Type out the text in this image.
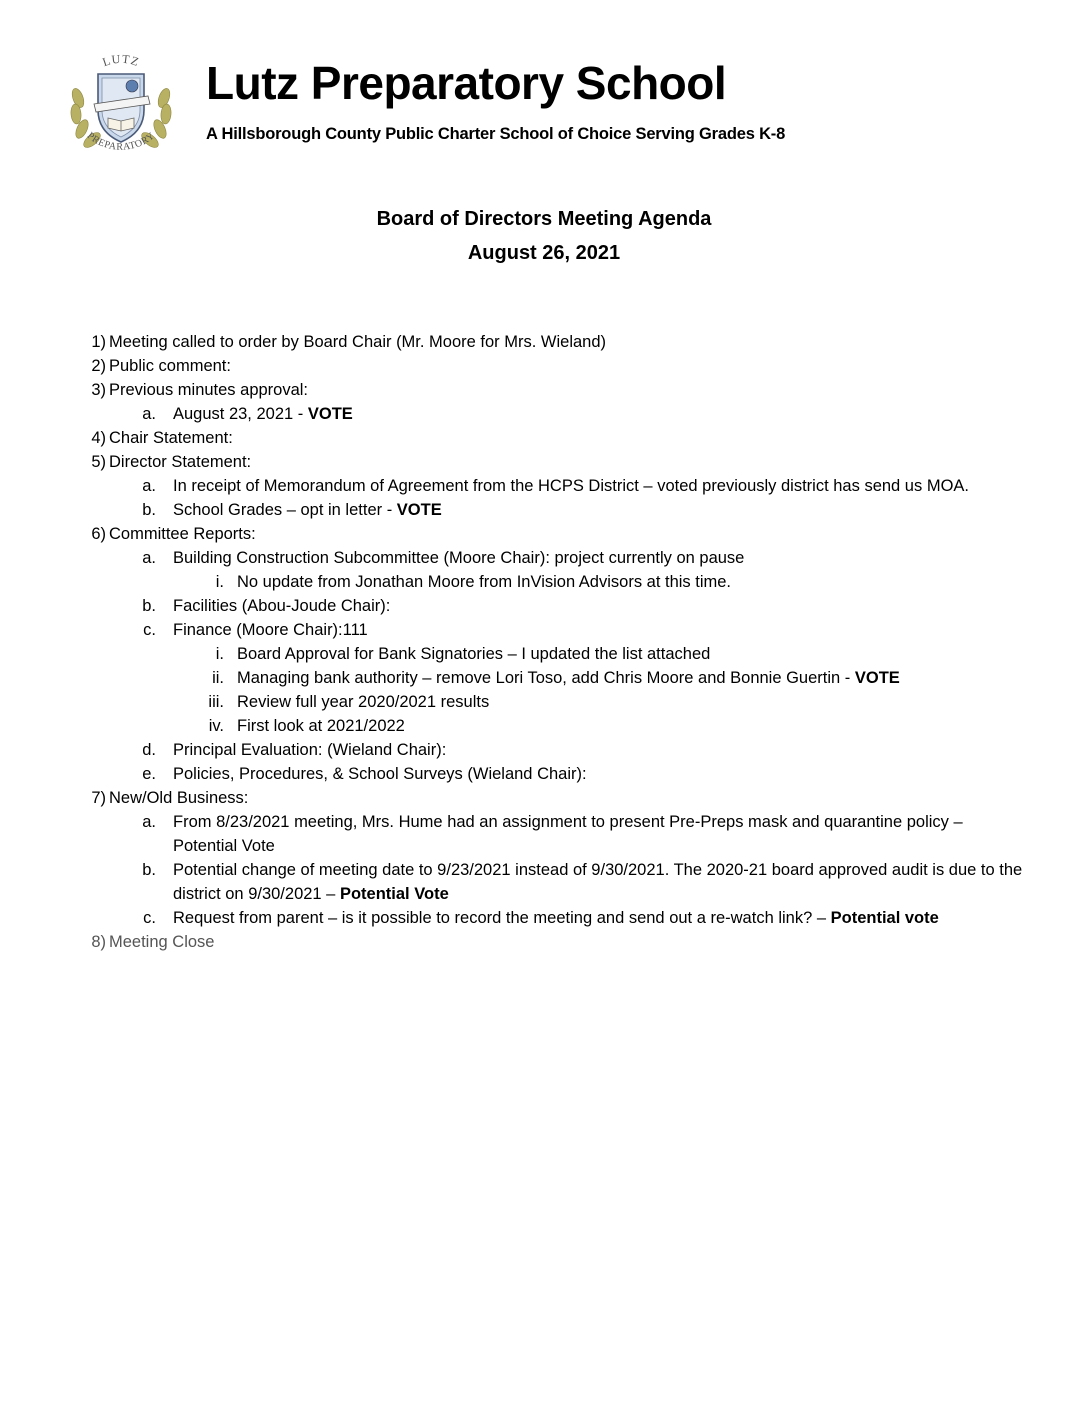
LUTZ
PREPARATORY
Lutz Preparatory School
A Hillsborough County Public Charter School of Choice Serving Grades K-8
Board of Directors Meeting Agenda
August 26, 2021
1) Meeting called to order by Board Chair (Mr. Moore for Mrs. Wieland)
2) Public comment:
3) Previous minutes approval:
a. August 23, 2021 - VOTE
4) Chair Statement:
5) Director Statement:
a. In receipt of Memorandum of Agreement from the HCPS District – voted previously district has send us MOA.
b. School Grades – opt in letter - VOTE
6) Committee Reports:
a. Building Construction Subcommittee (Moore Chair): project currently on pause
i. No update from Jonathan Moore from InVision Advisors at this time.
b. Facilities (Abou-Joude Chair):
c. Finance (Moore Chair):111
i. Board Approval for Bank Signatories – I updated the list attached
ii. Managing bank authority – remove Lori Toso, add Chris Moore and Bonnie Guertin - VOTE
iii. Review full year 2020/2021 results
iv. First look at 2021/2022
d. Principal Evaluation: (Wieland Chair):
e. Policies, Procedures, & School Surveys (Wieland Chair):
7) New/Old Business:
a. From 8/23/2021 meeting, Mrs. Hume had an assignment to present Pre-Preps mask and quarantine policy – Potential Vote
b. Potential change of meeting date to 9/23/2021 instead of 9/30/2021. The 2020-21 board approved audit is due to the district on 9/30/2021 – Potential Vote
c. Request from parent – is it possible to record the meeting and send out a re-watch link? – Potential vote
8) Meeting Close
